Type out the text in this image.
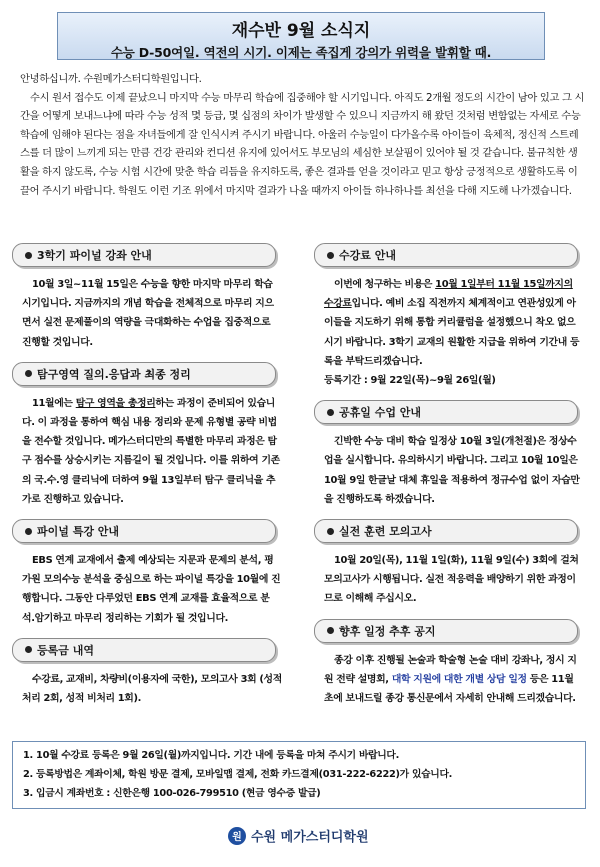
재수반 9월 소식지
수능 D-50여일. 역전의 시기. 이제는 족집게 강의가 위력을 발휘할 때.

안녕하십니까. 수원메가스터디학원입니다.

수시 원서 접수도 이제 끝났으니 마지막 수능 마무리 학습에 집중해야 할 시기입니다. 아직도 2개월 정도의 시간이 남아 있고 그 시간을 어떻게 보내느냐에 따라 수능 성적 몇 등급, 몇 십점의 차이가 발생할 수 있으니 지금까지 해 왔던 것처럼 변함없는 자세로 수능 학습에 임해야 된다는 점을 자녀들에게 잘 인식시켜 주시기 바랍니다. 아울러 수능일이 다가올수록 아이들이 육체적, 정신적 스트레스를 더 많이 느끼게 되는 만큼 건강 관리와 컨디션 유지에 있어서도 부모님의 세심한 보살핌이 있어야 될 것 같습니다. 불규칙한 생활을 하지 않도록, 수능 시험 시간에 맞춘 학습 리듬을 유지하도록, 좋은 결과를 얻을 것이라고 믿고 항상 긍정적으로 생활하도록 이끌어 주시기 바랍니다. 학원도 이런 기조 위에서 마지막 결과가 나올 때까지 아이들 하나하나를 최선을 다해 지도해 나가겠습니다.

3학기 파이널 강좌 안내
10월 3일~11월 15일은 수능을 향한 마지막 마무리 학습 시기입니다. 지금까지의 개념 학습을 전체적으로 마무리 지으면서 실전 문제풀이의 역량을 극대화하는 수업을 집중적으로 진행할 것입니다.
탐구영역 질의.응답과 최종 정리
11월에는 탐구 영역을 총정리하는 과정이 준비되어 있습니다. 이 과정을 통하여 핵심 내용 정리와 문제 유형별 공략 비법을 전수할 것입니다. 메가스터디만의 특별한 마무리 과정은 탐구 점수를 상승시키는 지름길이 될 것입니다. 이를 위하여 기존의 국.수.영 클리닉에 더하여 9월 13일부터 탐구 클리닉을 추가로 진행하고 있습니다.
파이널 특강 안내
EBS 연계 교재에서 출제 예상되는 지문과 문제의 분석, 평가원 모의수능 분석을 중심으로 하는 파이널 특강을 10월에 진행합니다. 그동안 다루었던 EBS 연계 교재를 효율적으로 분석.암기하고 마무리 정리하는 기회가 될 것입니다.
등록금 내역
수강료, 교재비, 차량비(이용자에 국한), 모의고사 3회 (성적 처리 2회, 성적 비처리 1회).
수강료 안내
이번에 청구하는 비용은 10월 1일부터 11월 15일까지의 수강료입니다. 예비 소집 직전까지 체계적이고 연관성있게 아이들을 지도하기 위해 통합 커리큘럼을 설정했으니 착오 없으시기 바랍니다. 3학기 교재의 원활한 지급을 위하여 기간내 등록을 부탁드리겠습니다.
등록기간 : 9월 22일(목)~9월 26일(월)
공휴일 수업 안내
긴박한 수능 대비 학습 일정상 10월 3일(개천절)은 정상수업을 실시합니다. 유의하시기 바랍니다. 그리고 10월 10일은 10월 9일 한글날 대체 휴일을 적용하여 정규수업 없이 자습만을 진행하도록 하겠습니다.
실전 훈련 모의고사
10월 20일(목), 11월 1일(화), 11월 9일(수) 3회에 걸쳐 모의고사가 시행됩니다. 실전 적응력을 배양하기 위한 과정이므로 이해해 주십시오.
향후 일정 추후 공지
종강 이후 진행될 논술과 학술형 논술 대비 강좌나, 정시 지원 전략 설명회, 대학 지원에 대한 개별 상담 일정 등은 11월 초에 보내드릴 종강 통신문에서 자세히 안내해 드리겠습니다.
1. 10월 수강료 등록은 9월 26일(월)까지입니다. 기간 내에 등록을 마쳐 주시기 바랍니다.
2. 등록방법은 계좌이체, 학원 방문 결제, 모바일맵 결제, 전화 카드결제(031-222-6222)가 있습니다.
3. 입금시 계좌번호 : 신한은행 100-026-799510 (현금 영수증 발급)
원 수원 메가스터디학원
